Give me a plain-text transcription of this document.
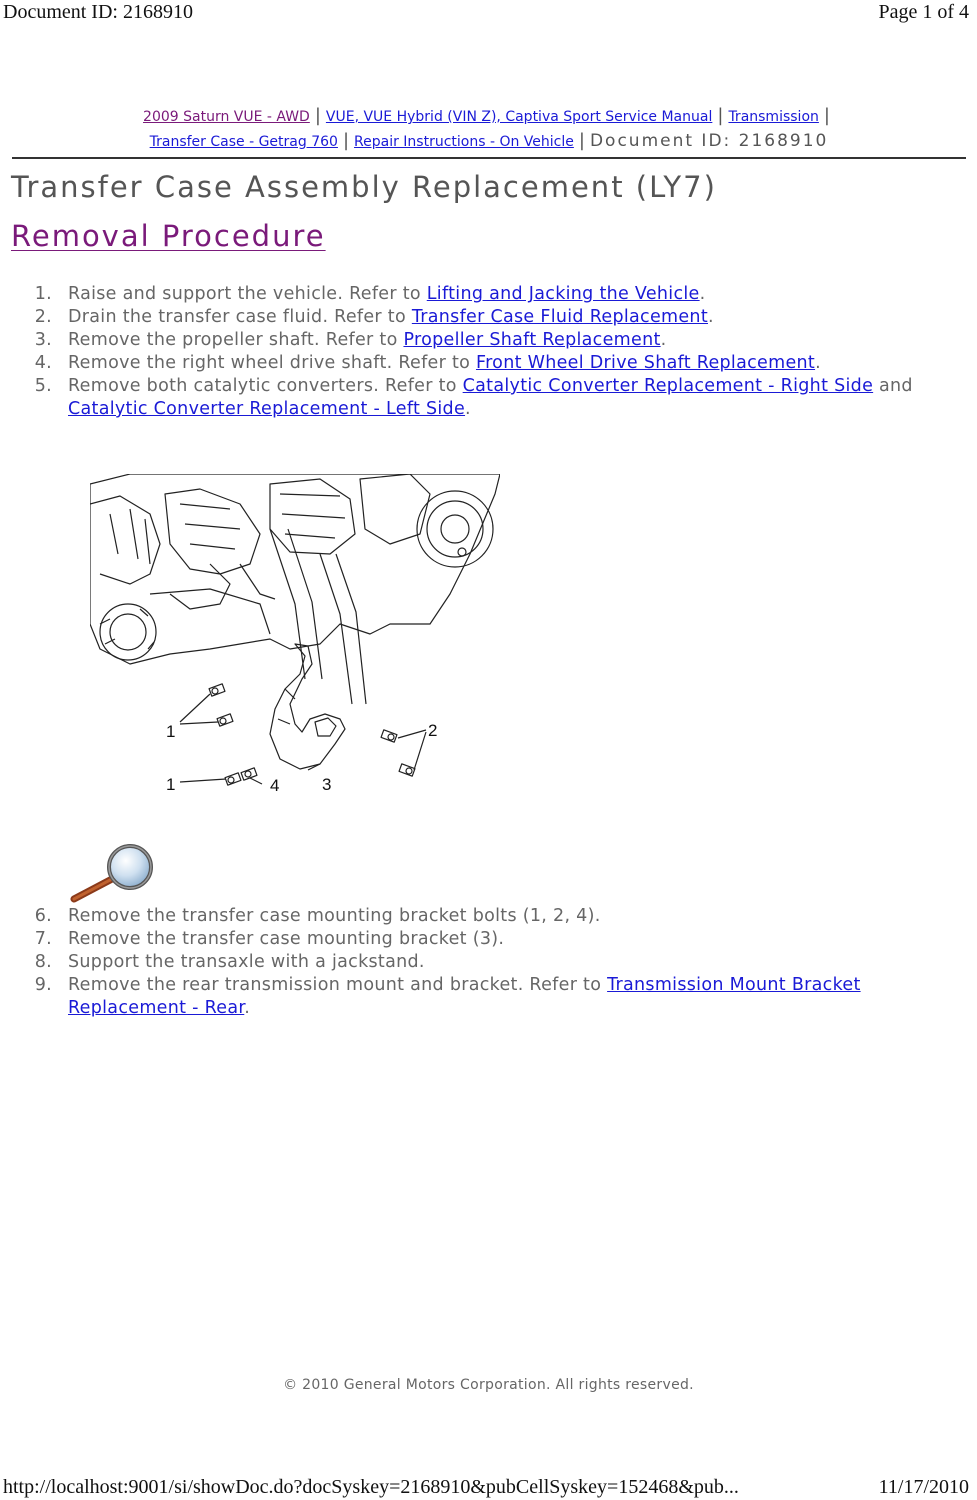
Document ID: 2168910	Page 1 of 4
2009 Saturn VUE - AWD | VUE, VUE Hybrid (VIN Z), Captiva Sport Service Manual | Transmission |
Transfer Case - Getrag 760 | Repair Instructions - On Vehicle | Document ID: 2168910
Transfer Case Assembly Replacement (LY7)
Removal Procedure
1. Raise and support the vehicle. Refer to Lifting and Jacking the Vehicle.
2. Drain the transfer case fluid. Refer to Transfer Case Fluid Replacement.
3. Remove the propeller shaft. Refer to Propeller Shaft Replacement.
4. Remove the right wheel drive shaft. Refer to Front Wheel Drive Shaft Replacement.
5. Remove both catalytic converters. Refer to Catalytic Converter Replacement - Right Side and
Catalytic Converter Replacement - Left Side.
1
1
2
3
4
6. Remove the transfer case mounting bracket bolts (1, 2, 4).
7. Remove the transfer case mounting bracket (3).
8. Support the transaxle with a jackstand.
9. Remove the rear transmission mount and bracket. Refer to Transmission Mount Bracket Replacement - Rear.
© 2010 General Motors Corporation. All rights reserved.
http://localhost:9001/si/showDoc.do?docSyskey=2168910&pubCellSyskey=152468&pub...	11/17/2010
